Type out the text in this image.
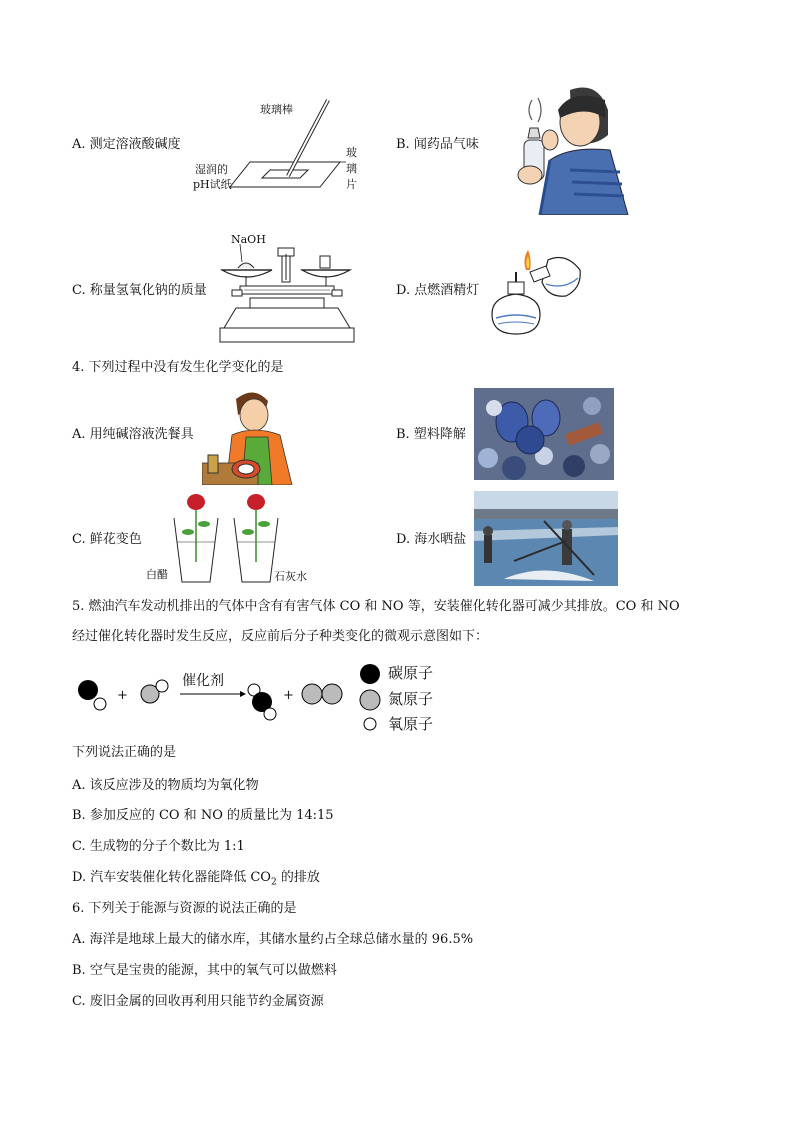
A. 测定溶液酸碱度
玻璃棒
湿润的
pH试纸
玻
璃
片
B. 闻药品气味
C. 称量氢氧化钠的质量
NaOH
D. 点燃酒精灯
4. 下列过程中没有发生化学变化的是
A. 用纯碱溶液洗餐具	B. 塑料降解
C. 鲜花变色
白醋	石灰水
D. 海水晒盐
5. 燃油汽车发动机排出的气体中含有有害气体 CO 和 NO 等，安装催化转化器可减少其排放。CO 和 NO
经过催化转化器时发生反应，反应前后分子种类变化的微观示意图如下：
+	+
催化剂	碳原子
氮原子
氧原子
下列说法正确的是
A. 该反应涉及的物质均为氧化物
B. 参加反应的 CO 和 NO 的质量比为 14:15
C. 生成物的分子个数比为 1:1
D. 汽车安装催化转化器能降低 $CO_2$ 的排放
6. 下列关于能源与资源的说法正确的是
A. 海洋是地球上最大的储水库，其储水量约占全球总储水量的 96.5%
B. 空气是宝贵的能源，其中的氧气可以做燃料
C. 废旧金属的回收再利用只能节约金属资源
